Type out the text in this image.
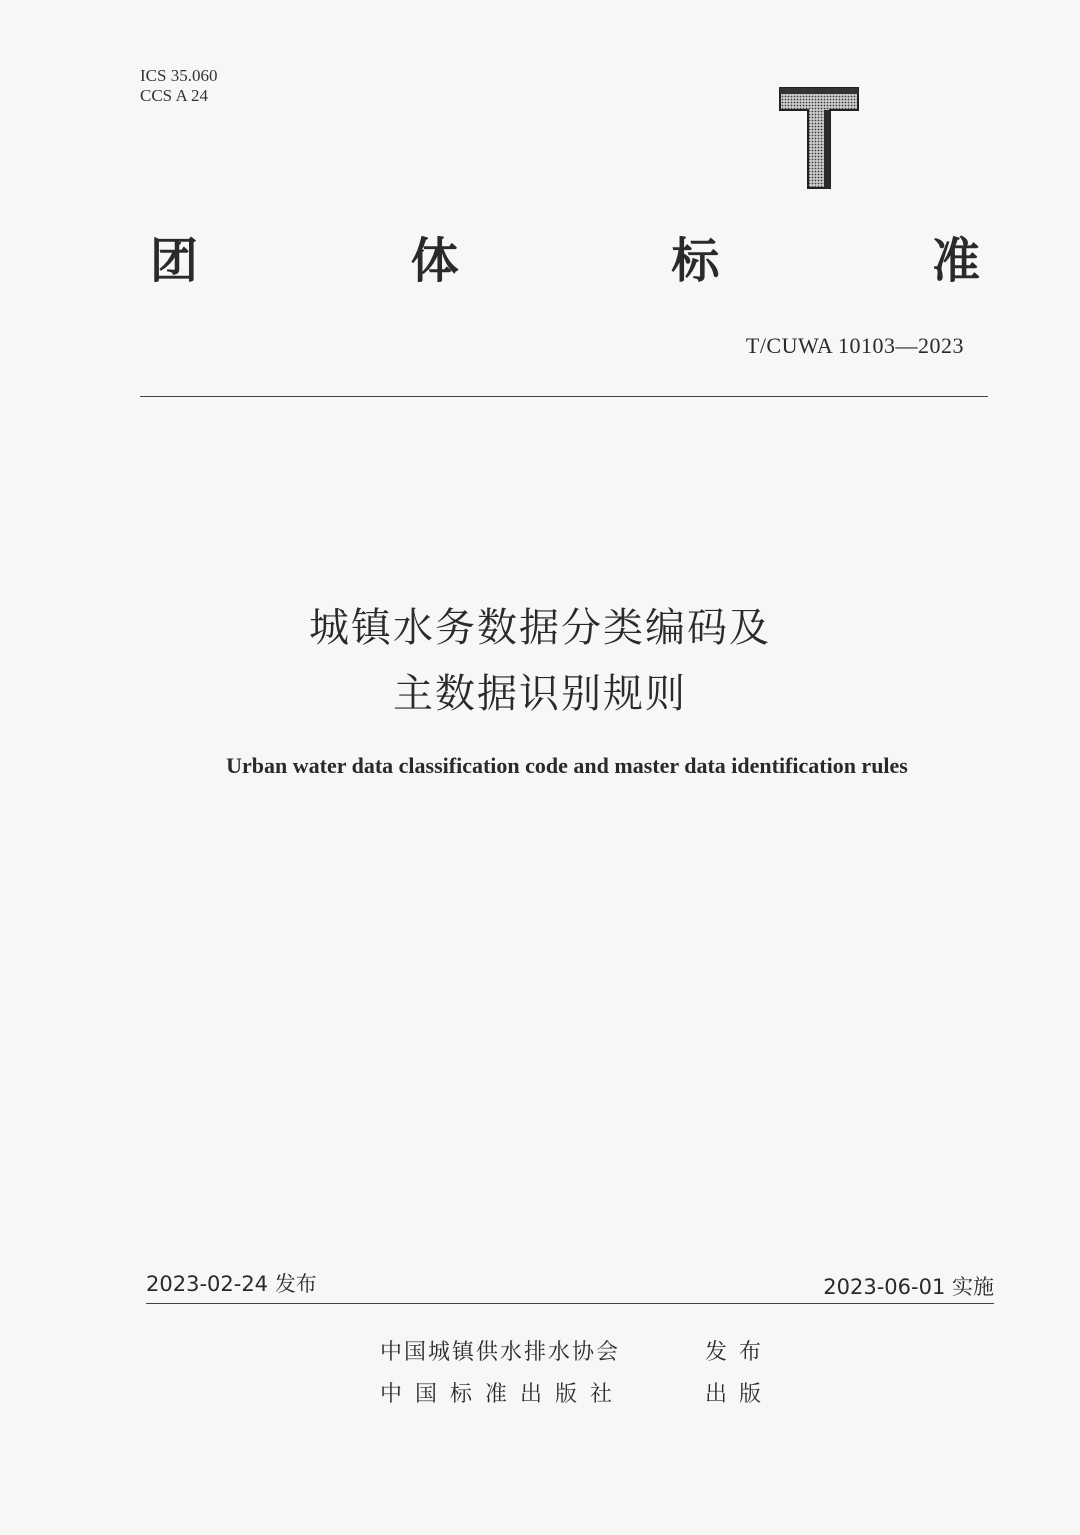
ICS 35.060
CCS A 24
团	体	标	准
T/CUWA 10103—2023
城镇水务数据分类编码及
主数据识别规则
Urban water data classification code and master data identification rules
2023-02-24 发布	2023-06-01 实施
中国城镇供水排水协会	发布
中国标准出版社	出版
